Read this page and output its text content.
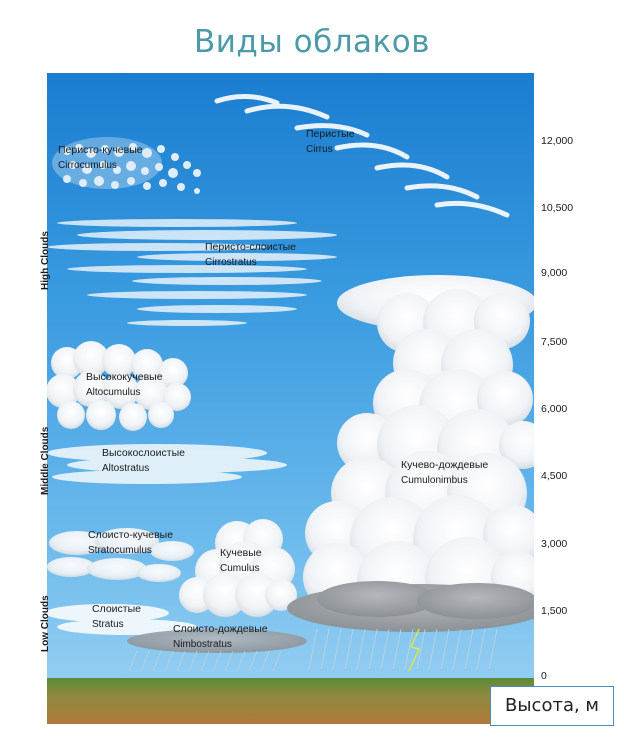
Виды облаков
High Clouds
Middle Clouds
Low Clouds
Перисто-кучевые
Cirrocumulus
Перистые
Cirrus
Перисто-слоистые
Cirrostratus
Высококучевые
Altocumulus
Высокослоистые
Altostratus	Кучево-дождевые
Cumulonimbus
Слоисто-кучевые
Stratocumulus	Кучевые
Cumulus
Слоистые
Stratus	Слоисто-дождевые
Nimbostratus
12,000
10,500
9,000
7,500
6,000
4,500
3,000
1,500
0
Высота, м
